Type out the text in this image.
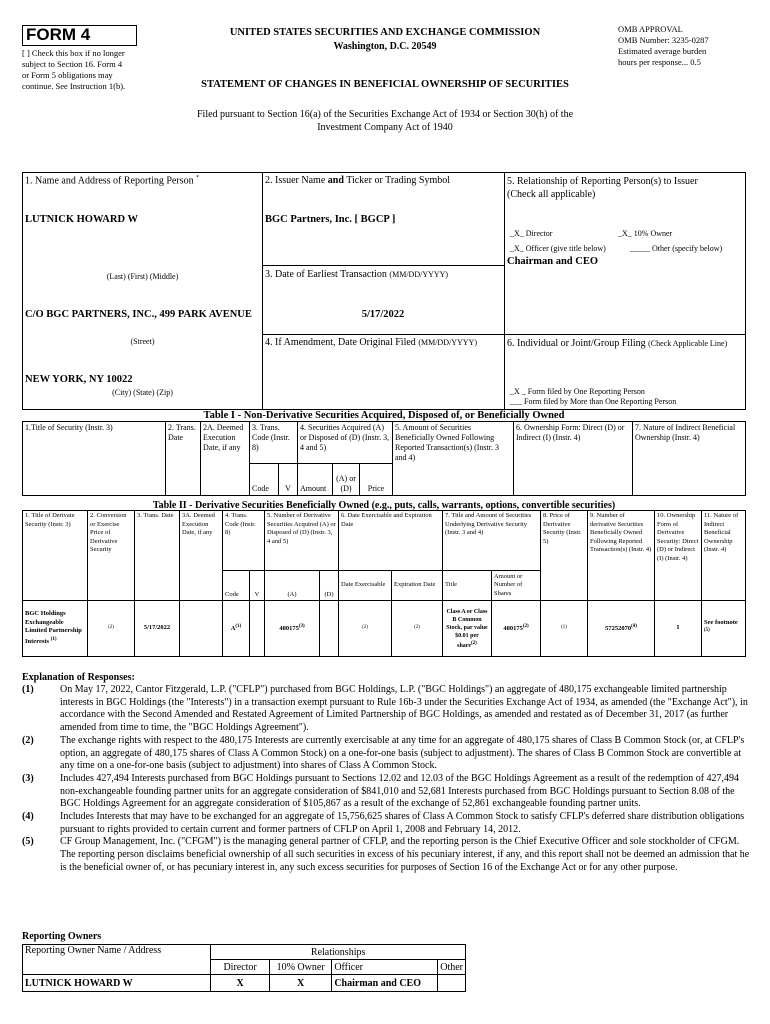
FORM 4
[ ] Check this box if no longer
subject to Section 16. Form 4
or Form 5 obligations may
continue. See Instruction 1(b).
UNITED STATES SECURITIES AND EXCHANGE COMMISSION
Washington, D.C. 20549
STATEMENT OF CHANGES IN BENEFICIAL OWNERSHIP OF SECURITIES
OMB APPROVAL
OMB Number: 3235-0287
Estimated average burden
hours per response... 0.5
Filed pursuant to Section 16(a) of the Securities Exchange Act of 1934 or Section 30(h) of the
Investment Company Act of 1940
1. Name and Address of Reporting Person *
LUTNICK HOWARD W
(Last) (First) (Middle)
C/O BGC PARTNERS, INC., 499 PARK AVENUE
(Street)
NEW YORK, NY 10022
(City) (State) (Zip)
2. Issuer Name and Ticker or Trading Symbol
BGC Partners, Inc. [ BGCP ]
3. Date of Earliest Transaction (MM/DD/YYYY)
5/17/2022
4. If Amendment, Date Original Filed (MM/DD/YYYY)
5. Relationship of Reporting Person(s) to Issuer
(Check all applicable)
_X_ Director	_X_ 10% Owner
_X_ Officer (give title below)	_____ Other (specify below)
Chairman and CEO
6. Individual or Joint/Group Filing (Check Applicable Line)
_X _ Form filed by One Reporting Person
___ Form filed by More than One Reporting Person
Table I - Non-Derivative Securities Acquired, Disposed of, or Beneficially Owned
1.Title of Security (Instr. 3)	2. Trans. Date	2A. Deemed Execution Date, if any	3. Trans. Code (Instr. 8)		4. Securities Acquired (A) or Disposed of (D) (Instr. 3, 4 and 5)			5. Amount of Securities Beneficially Owned Following Reported Transaction(s) (Instr. 3 and 4)	6. Ownership Form: Direct (D) or Indirect (I) (Instr. 4)	7. Nature of Indirect Beneficial Ownership (Instr. 4)
			Code	V	Amount	(A) or (D)	Price			
Table II - Derivative Securities Beneficially Owned (e.g., puts, calls, warrants, options, convertible securities)
1. Title of Derivate Security (Instr. 3)	2. Conversion or Exercise Price of Derivative Security	3. Trans. Date	3A. Deemed Execution Date, if any	4. Trans. Code (Instr. 8)		5. Number of Derivative Securities Acquired (A) or Disposed of (D) (Instr. 3, 4 and 5)		6. Date Exercisable and Expiration Date		7. Title and Amount of Securities Underlying Derivative Security (Instr. 3 and 4)		8. Price of Derivative Security (Instr. 5)	9. Number of derivative Securities Beneficially Owned Following Reported Transaction(s) (Instr. 4)	10. Ownership Form of Derivative Security: Direct (D) or Indirect (I) (Instr. 4)	11. Nature of Indirect Beneficial Ownership (Instr. 4)
				Code	V	(A)	(D)	Date Exercisable	Expiration Date	Title	Amount or Number of Shares				
BGC Holdings Exchangeable Limited Partnership Interests $^{(1)}$	(2)	5/17/2022		$A^{(1)}$		480175$^{(3)}$		(2)	(2)	Class A or Class B Common Stock, par value $0.01 per share$^{(2)}$	480175$^{(2)}$	(1)	57252070$^{(4)}$	I	See footnote $^{(5)}$
Explanation of Responses:
(1)	On May 17, 2022, Cantor Fitzgerald, L.P. ("CFLP") purchased from BGC Holdings, L.P. ("BGC Holdings") an aggregate of 480,175 exchangeable limited partnership interests in BGC Holdings (the "Interests") in a transaction exempt pursuant to Rule 16b-3 under the Securities Exchange Act of 1934, as amended (the "Exchange Act"), in accordance with the Second Amended and Restated Agreement of Limited Partnership of BGC Holdings, as amended and restated as of December 31, 2017 (as further amended from time to time, the "BGC Holdings Agreement").
(2)	The exchange rights with respect to the 480,175 Interests are currently exercisable at any time for an aggregate of 480,175 shares of Class B Common Stock (or, at CFLP's option, an aggregate of 480,175 shares of Class A Common Stock) on a one-for-one basis (subject to adjustment). The shares of Class B Common Stock are convertible at any time on a one-for-one basis (subject to adjustment) into shares of Class A Common Stock.
(3)	Includes 427,494 Interests purchased from BGC Holdings pursuant to Sections 12.02 and 12.03 of the BGC Holdings Agreement as a result of the redemption of 427,494 non-exchangeable founding partner units for an aggregate consideration of $841,010 and 52,681 Interests purchased from BGC Holdings pursuant to Section 8.08 of the BGC Holdings Agreement for an aggregate consideration of $105,867 as a result of the exchange of 52,861 exchangeable founding partner units.
(4)	Includes Interests that may have to be exchanged for an aggregate of 15,756,625 shares of Class A Common Stock to satisfy CFLP's deferred share distribution obligations pursuant to rights provided to certain current and former partners of CFLP on April 1, 2008 and February 14, 2012.
(5)	CF Group Management, Inc. ("CFGM") is the managing general partner of CFLP, and the reporting person is the Chief Executive Officer and sole stockholder of CFGM. The reporting person disclaims beneficial ownership of all such securities in excess of his pecuniary interest, if any, and this report shall not be deemed an admission that he is the beneficial owner of, or has pecuniary interest in, any such excess securities for purposes of Section 16 of the Exchange Act or for any other purpose.
Reporting Owners
Reporting Owner Name / Address	Relationships			
	Director	10% Owner	Officer	Other
LUTNICK HOWARD W	X	X	Chairman and CEO	
